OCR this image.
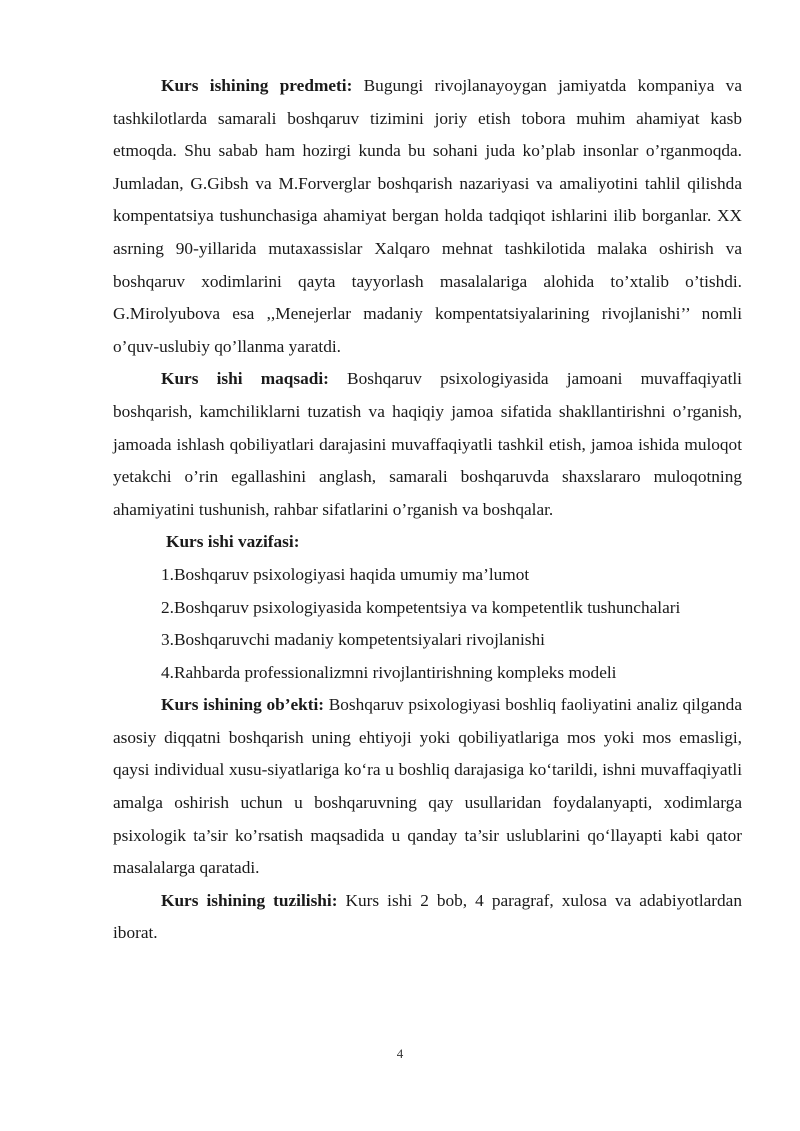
Kurs ishining predmeti: Bugungi rivojlanayoygan jamiyatda kompaniya va tashkilotlarda samarali boshqaruv tizimini joriy etish tobora muhim ahamiyat kasb etmoqda. Shu sabab ham hozirgi kunda bu sohani juda ko’plab insonlar o’rganmoqda. Jumladan, G.Gibsh va M.Forverglar boshqarish nazariyasi va amaliyotini tahlil qilishda kompentatsiya tushunchasiga ahamiyat bergan holda tadqiqot ishlarini ilib borganlar. XX asrning 90-yillarida mutaxassislar Xalqaro mehnat tashkilotida malaka oshirish va boshqaruv xodimlarini qayta tayyorlash masalalariga alohida to’xtalib o’tishdi. G.Mirolyubova esa ,,Menejerlar madaniy kompentatsiyalarining rivojlanishi’’ nomli o’quv-uslubiy qo’llanma yaratdi.

Kurs ishi maqsadi: Boshqaruv psixologiyasida jamoani muvaffaqiyatli boshqarish, kamchiliklarni tuzatish va haqiqiy jamoa sifatida shakllantirishni o’rganish, jamoada ishlash qobiliyatlari darajasini muvaffaqiyatli tashkil etish, jamoa ishida muloqot yetakchi o’rin egallashini anglash, samarali boshqaruvda shaxslararo muloqotning ahamiyatini tushunish, rahbar sifatlarini o’rganish va boshqalar.

Kurs ishi vazifasi:

1.Boshqaruv psixologiyasi haqida umumiy ma’lumot

2.Boshqaruv psixologiyasida kompetentsiya va kompetentlik tushunchalari

3.Boshqaruvchi madaniy kompetentsiyalari rivojlanishi

4.Rahbarda professionalizmni rivojlantirishning kompleks modeli

Kurs ishining ob’ekti: Boshqaruv psixologiyasi boshliq faoliyatini analiz qilganda asosiy diqqatni boshqarish uning ehtiyoji yoki qobiliyatlariga mos yoki mos emasligi, qaysi individual xusu-siyatlariga ko‘ra u boshliq darajasiga ko‘tarildi, ishni muvaffaqiyatli amalga oshirish uchun u boshqaruvning qay usullaridan foydalanyapti, xodimlarga psixologik ta’sir ko’rsatish maqsadida u qanday ta’sir uslublarini qo‘llayapti kabi qator masalalarga qaratadi.

Kurs ishining tuzilishi: Kurs ishi 2 bob, 4 paragraf, xulosa va adabiyotlardan iborat.

4
